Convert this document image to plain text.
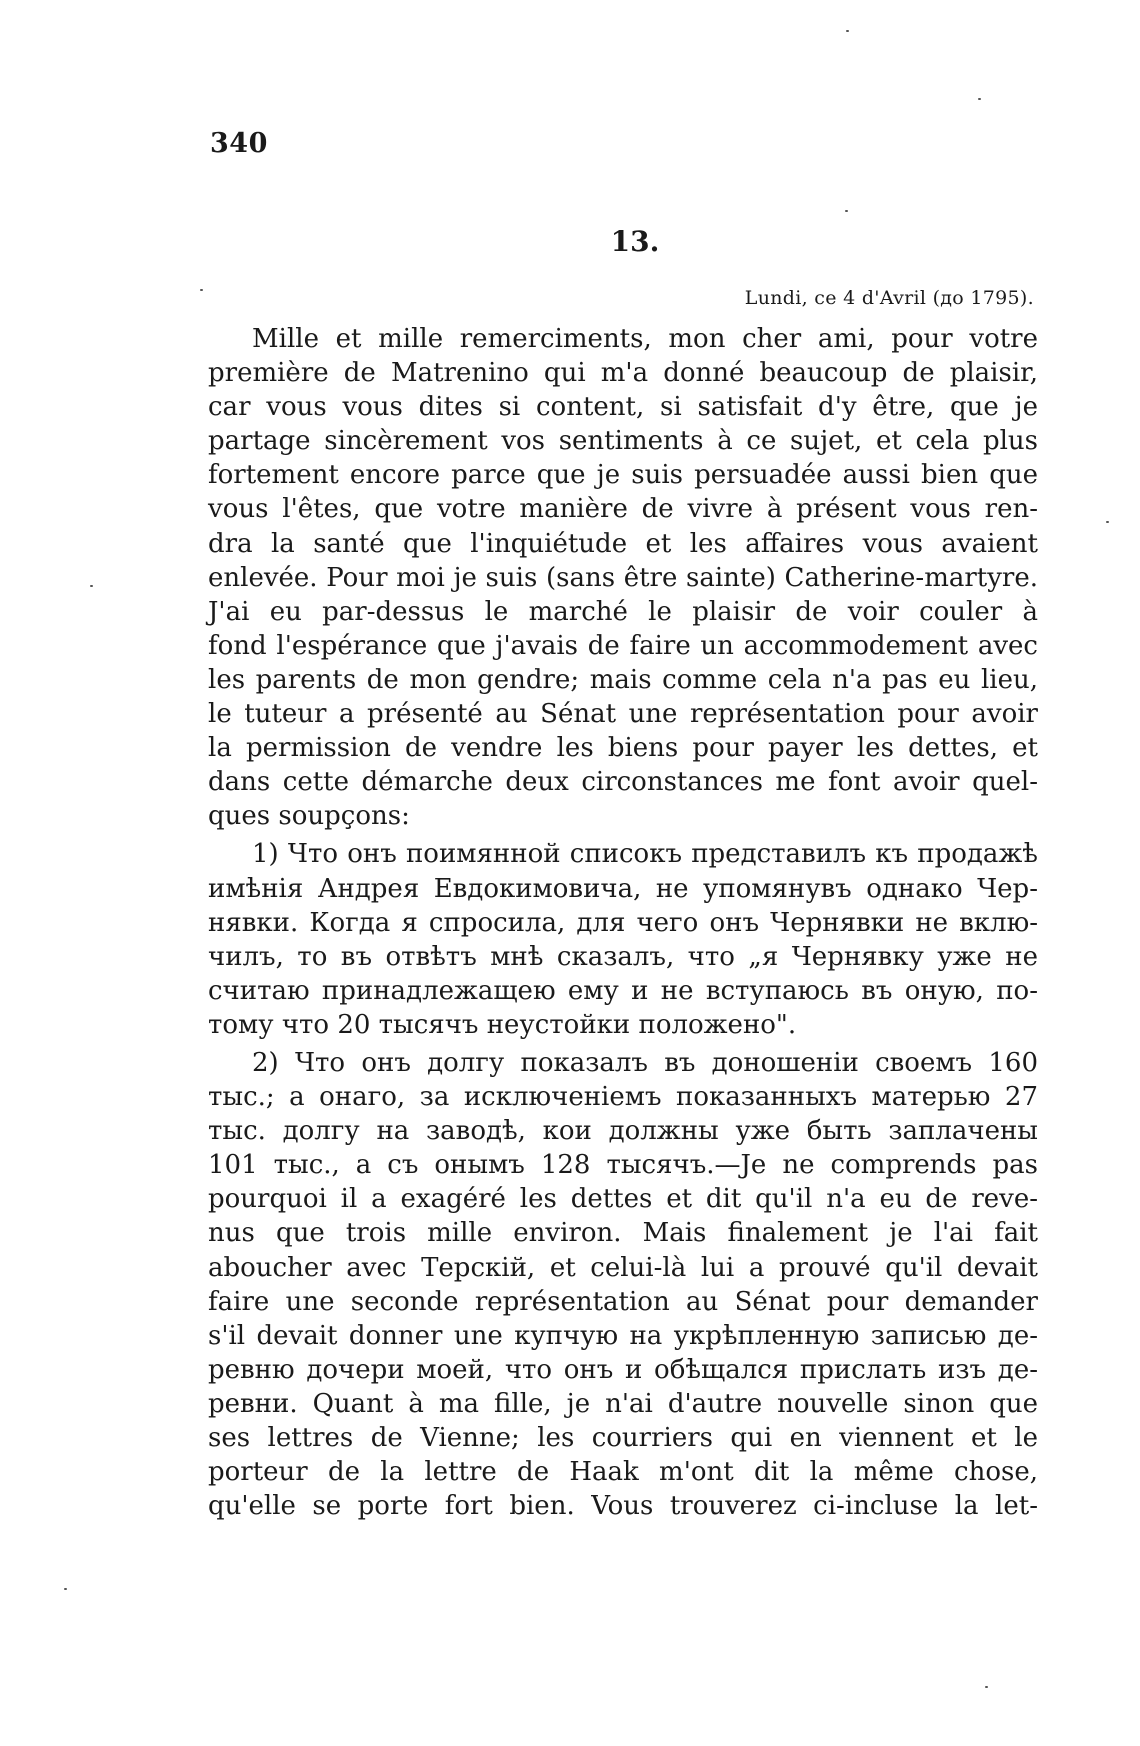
340
13.
Lundi, ce 4 d'Avril (до 1795).
Mille et mille remerciments, mon cher ami, pour votre
première de Matrenino qui m'a donné beaucoup de plaisir,
car vous vous dites si content, si satisfait d'y être, que je
partage sincèrement vos sentiments à ce sujet, et cela plus
fortement encore parce que je suis persuadée aussi bien que
vous l'êtes, que votre manière de vivre à présent vous ren-
dra la santé que l'inquiétude et les affaires vous avaient
enlevée. Pour moi je suis (sans être sainte) Catherine-martyre.
J'ai eu par-dessus le marché le plaisir de voir couler à
fond l'espérance que j'avais de faire un accommodement avec
les parents de mon gendre; mais comme cela n'a pas eu lieu,
le tuteur a présenté au Sénat une représentation pour avoir
la permission de vendre les biens pour payer les dettes, et
dans cette démarche deux circonstances me font avoir quel-
ques soupçons:
1) Что онъ поимянной списокъ представилъ къ продажѣ
имѣнія Андрея Евдокимовича, не упомянувъ однако Чер-
нявки. Когда я спросила, для чего онъ Чернявки не вклю-
чилъ, то въ отвѣтъ мнѣ сказалъ, что „я Чернявку уже не
считаю принадлежащею ему и не вступаюсь въ оную, по-
тому что 20 тысячъ неустойки положено".
2) Что онъ долгу показалъ въ доношеніи своемъ 160
тыс.; а онаго, за исключеніемъ показанныхъ матерью 27
тыс. долгу на заводѣ, кои должны уже быть заплачены
101 тыс., а съ онымъ 128 тысячъ.—Je ne comprends pas
pourquoi il a exagéré les dettes et dit qu'il n'a eu de reve-
nus que trois mille environ. Mais finalement je l'ai fait
aboucher avec Терскій, et celui-là lui a prouvé qu'il devait
faire une seconde représentation au Sénat pour demander
s'il devait donner une купчую на укрѣпленную записью де-
ревню дочери моей, что онъ и обѣщался прислать изъ де-
ревни. Quant à ma fille, je n'ai d'autre nouvelle sinon que
ses lettres de Vienne; les courriers qui en viennent et le
porteur de la lettre de Haak m'ont dit la même chose,
qu'elle se porte fort bien. Vous trouverez ci-incluse la let-
